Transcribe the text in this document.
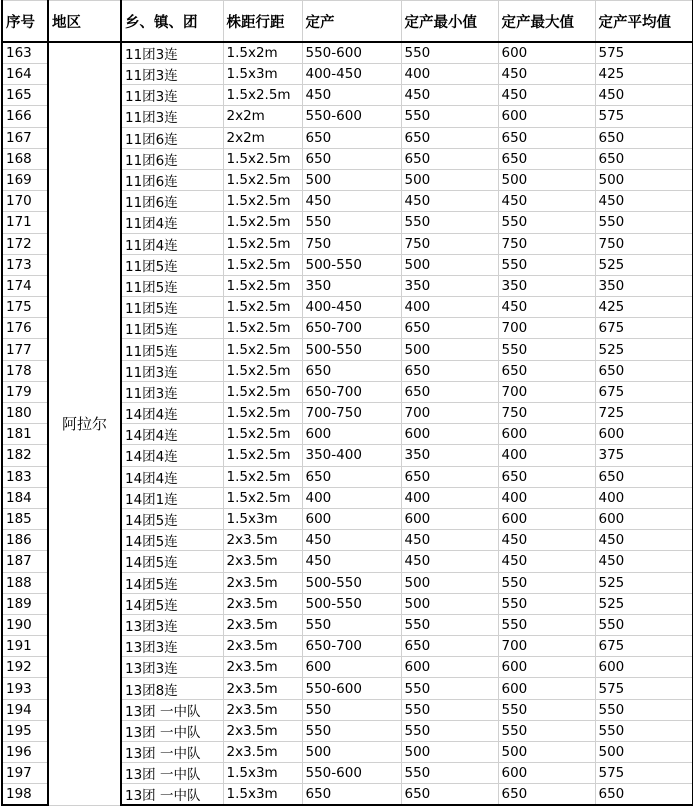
序号	地区	乡、镇、团	株距行距	定产	定产最小值	定产最大值	定产平均值
163	阿拉尔	11团3连	1.5x2m	550-600	550	600	575
164		11团3连	1.5x3m	400-450	400	450	425
165		11团3连	1.5x2.5m	450	450	450	450
166		11团3连	2x2m	550-600	550	600	575
167		11团6连	2x2m	650	650	650	650
168		11团6连	1.5x2.5m	650	650	650	650
169		11团6连	1.5x2.5m	500	500	500	500
170		11团6连	1.5x2.5m	450	450	450	450
171		11团4连	1.5x2.5m	550	550	550	550
172		11团4连	1.5x2.5m	750	750	750	750
173		11团5连	1.5x2.5m	500-550	500	550	525
174		11团5连	1.5x2.5m	350	350	350	350
175		11团5连	1.5x2.5m	400-450	400	450	425
176		11团5连	1.5x2.5m	650-700	650	700	675
177		11团5连	1.5x2.5m	500-550	500	550	525
178		11团3连	1.5x2.5m	650	650	650	650
179		11团3连	1.5x2.5m	650-700	650	700	675
180		14团4连	1.5x2.5m	700-750	700	750	725
181		14团4连	1.5x2.5m	600	600	600	600
182		14团4连	1.5x2.5m	350-400	350	400	375
183		14团4连	1.5x2.5m	650	650	650	650
184		14团1连	1.5x2.5m	400	400	400	400
185		14团5连	1.5x3m	600	600	600	600
186		14团5连	2x3.5m	450	450	450	450
187		14团5连	2x3.5m	450	450	450	450
188		14团5连	2x3.5m	500-550	500	550	525
189		14团5连	2x3.5m	500-550	500	550	525
190		13团3连	2x3.5m	550	550	550	550
191		13团3连	2x3.5m	650-700	650	700	675
192		13团3连	2x3.5m	600	600	600	600
193		13团8连	2x3.5m	550-600	550	600	575
194		13团 一中队	2x3.5m	550	550	550	550
195		13团 一中队	2x3.5m	550	550	550	550
196		13团 一中队	2x3.5m	500	500	500	500
197		13团 一中队	1.5x3m	550-600	550	600	575
198		13团 一中队	1.5x3m	650	650	650	650
